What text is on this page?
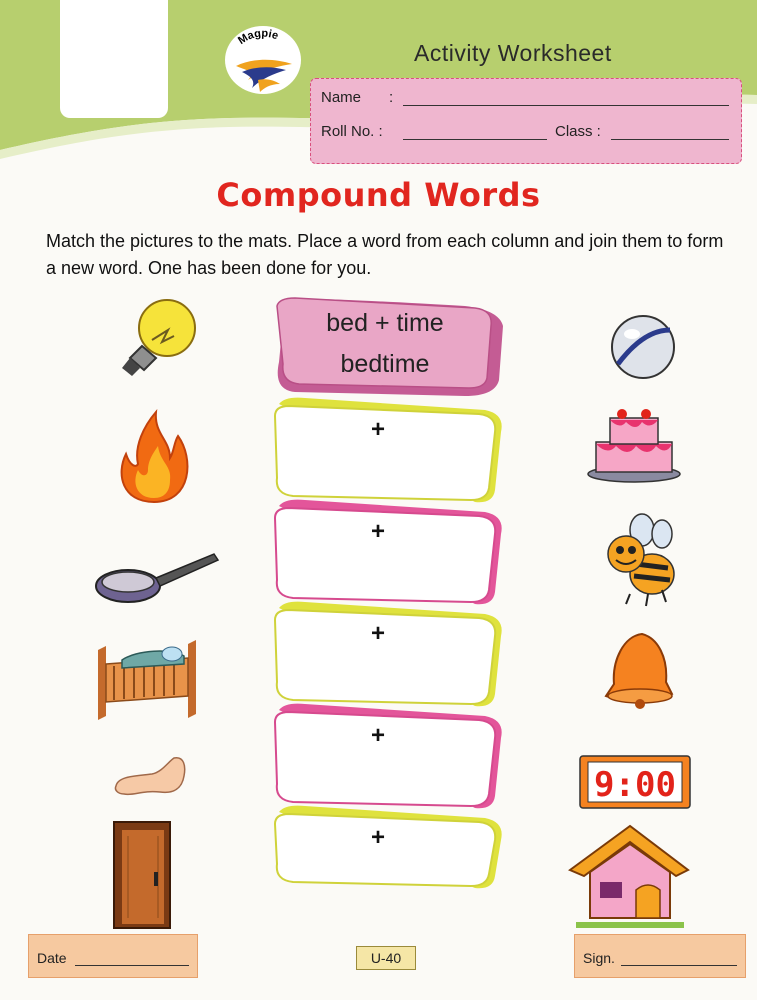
Magpie
Activity Worksheet
Name :
Roll No. :	Class :
Compound Words
Match the pictures to the mats. Place a word from each column and join them to form a new word. One has been done for you.
bed + time
bedtime
+
+
+
+
+
9:00
Date	U-40	Sign.
